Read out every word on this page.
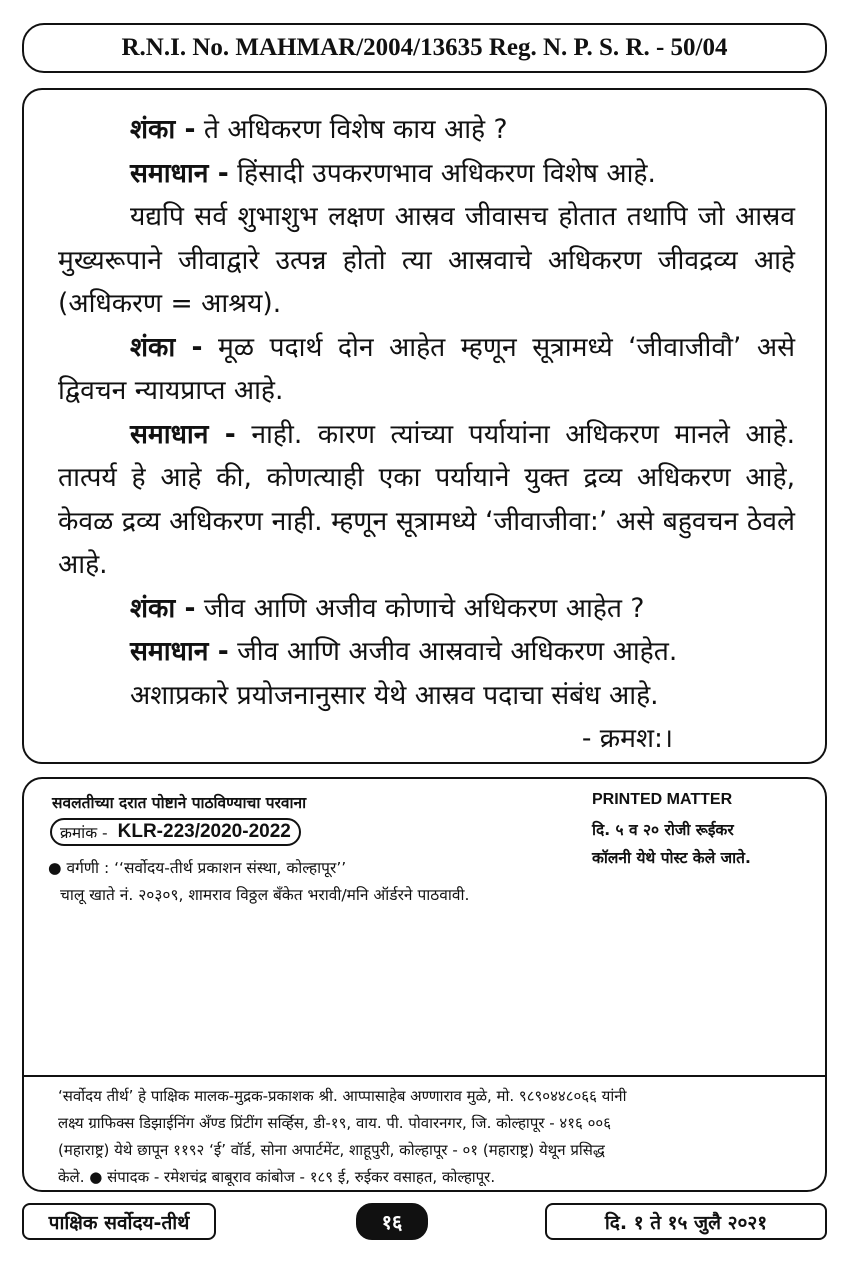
R.N.I. No. MAHMAR/2004/13635 Reg. N. P. S. R. - 50/04

शंका - ते अधिकरण विशेष काय आहे ?

समाधान - हिंसादी उपकरणभाव अधिकरण विशेष आहे.

यद्यपि सर्व शुभाशुभ लक्षण आस्रव जीवासच होतात तथापि जो आस्रव मुख्यरूपाने जीवाद्वारे उत्पन्न होतो त्या आस्रवाचे अधिकरण जीवद्रव्य आहे (अधिकरण = आश्रय).

शंका - मूळ पदार्थ दोन आहेत म्हणून सूत्रामध्ये ‘जीवाजीवौ’ असे द्विवचन न्यायप्राप्त आहे.

समाधान - नाही. कारण त्यांच्या पर्यायांना अधिकरण मानले आहे. तात्पर्य हे आहे की, कोणत्याही एका पर्यायाने युक्त द्रव्य अधिकरण आहे, केवळ द्रव्य अधिकरण नाही. म्हणून सूत्रामध्ये ‘जीवाजीवा:’ असे बहुवचन ठेवले आहे.

शंका - जीव आणि अजीव कोणाचे अधिकरण आहेत ?

समाधान - जीव आणि अजीव आस्रवाचे अधिकरण आहेत.

अशाप्रकारे प्रयोजनानुसार येथे आस्रव पदाचा संबंध आहे.

- क्रमश:।

सवलतीच्या दरात पोष्टाने पाठविण्याचा परवाना
क्रमांक - KLR-223/2020-2022
● वर्गणी : ‘‘सर्वोदय-तीर्थ प्रकाशन संस्था, कोल्हापूर’’
चालू खाते नं. २०३०९, शामराव विठ्ठल बँकेत भरावी/मनि ऑर्डरने पाठवावी.
PRINTED MATTER
दि. ५ व २० रोजी रूईकर
कॉलनी येथे पोस्ट केले जाते.
‘सर्वोदय तीर्थ’ हे पाक्षिक मालक-मुद्रक-प्रकाशक श्री. आप्पासाहेब अण्णाराव मुळे, मो. ९८९०४४८०६६ यांनी
लक्ष्य ग्राफिक्स डिझाईनिंग अँण्ड प्रिंटींग सर्व्हिस, डी-१९, वाय. पी. पोवारनगर, जि. कोल्हापूर - ४१६ ००६
(महाराष्ट्र) येथे छापून ११९२ ‘ई’ वॉर्ड, सोना अपार्टमेंट, शाहूपुरी, कोल्हापूर - ०१ (महाराष्ट्र) येथून प्रसिद्ध
केले. ● संपादक - रमेशचंद्र बाबूराव कांबोज - १८९ ई, रुईकर वसाहत, कोल्हापूर.
पाक्षिक सर्वोदय-तीर्थ	१६	दि. १ ते १५ जुलै २०२१
